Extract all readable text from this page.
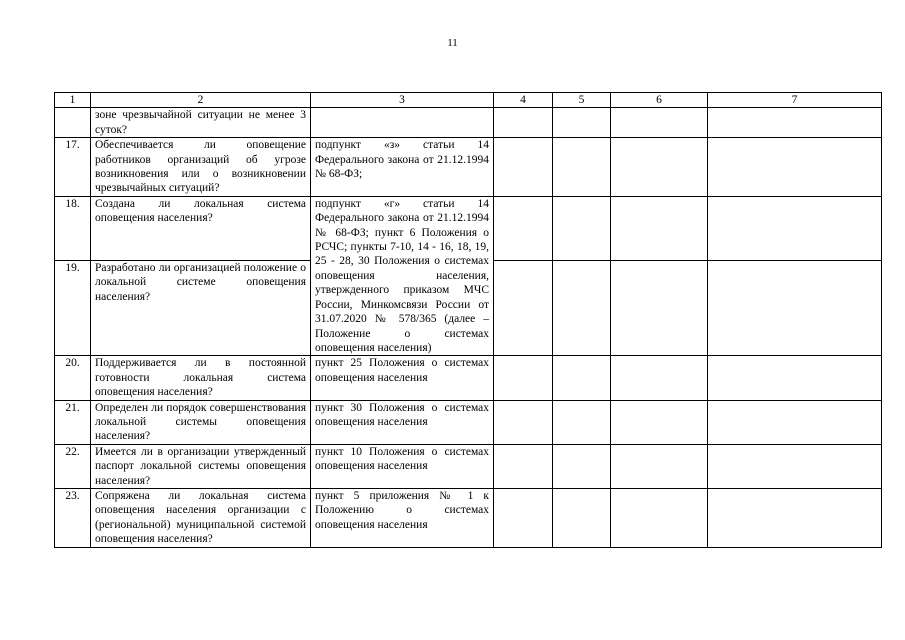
11
1	2	3	4	5	6	7
	зоне чрезвычайной ситуации не менее 3 суток?					
17.	Обеспечивается ли оповещение работников организаций об угрозе возникновения или о возникновении чрезвычайных ситуаций?	подпункт «з» статьи 14 Федерального закона от 21.12.1994 № 68-ФЗ;				
18.	Создана ли локальная система оповещения населения?	подпункт «г» статьи 14 Федерального закона от 21.12.1994 № 68-ФЗ; пункт 6 Положения о РСЧС; пункты 7-10, 14 - 16, 18, 19, 25 - 28, 30 Положения о системах оповещения населения, утвержденного приказом МЧС России, Минкомсвязи России от 31.07.2020 № 578/365 (далее – Положение о системах оповещения населения)				
19.	Разработано ли организацией положение о локальной системе оповещения населения?					
20.	Поддерживается ли в постоянной готовности локальная система оповещения населения?	пункт 25 Положения о системах оповещения населения				
21.	Определен ли порядок совершенствования локальной системы оповещения населения?	пункт 30 Положения о системах оповещения населения				
22.	Имеется ли в организации утвержденный паспорт локальной системы оповещения населения?	пункт 10 Положения о системах оповещения населения				
23.	Сопряжена ли локальная система оповещения населения организации с (региональной) муниципальной системой оповещения населения?	пункт 5 приложения № 1 к Положению о системах оповещения населения				
